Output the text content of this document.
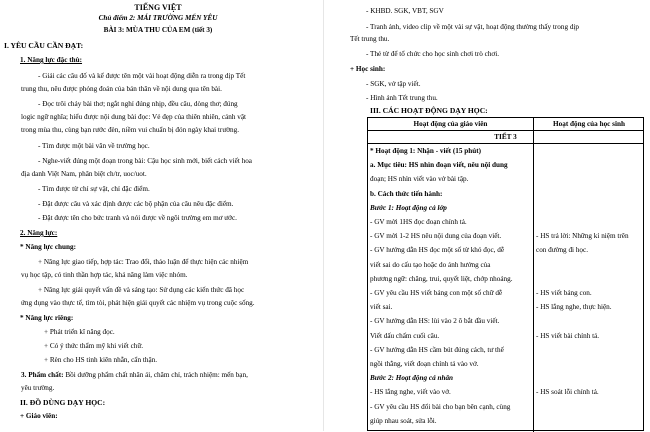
TIẾNG VIỆT
Chủ điểm 2: MÁI TRƯỜNG MẾN YÊU
BÀI 3: MÙA THU CỦA EM (tiết 3)
I. YÊU CẦU CẦN ĐẠT:
1. Năng lực đặc thù:
- Giải các câu đố và kể được tên một vài hoạt động diễn ra trong dịp Tết
trung thu, nêu được phỏng đoán của bản thân về nội dung qua tên bài.
- Đọc trôi chảy bài thơ; ngắt nghỉ đúng nhịp, đều câu, dòng thơ; đúng
logic ngữ nghĩa; hiểu được nội dung bài đọc: Vẻ đẹp của thiên nhiên, cảnh vật
trong mùa thu, cùng bạn rước đèn, niềm vui chuẩn bị đón ngày khai trường.
- Tìm được một bài văn về trường học.
- Nghe-viết đúng một đoạn trong bài: Cậu học sinh mới, biết cách viết hoa
địa danh Việt Nam, phân biệt ch/tr, uoc/uot.
- Tìm được từ chỉ sự vật, chỉ đặc điểm.
- Đặt được câu và xác định được các bộ phận của câu nêu đặc điểm.
- Đặt được tên cho bức tranh và nói được về ngôi trường em mơ ước.
2. Năng lực:
* Năng lực chung:
+ Năng lực giao tiếp, hợp tác: Trao đổi, thảo luận để thực hiện các nhiệm
vụ học tập, có tinh thần hợp tác, khả năng làm việc nhóm.
+ Năng lực giải quyết vấn đề và sáng tạo: Sử dụng các kiến thức đã học
ứng dụng vào thực tế, tìm tòi, phát hiện giải quyết các nhiệm vụ trong cuộc sống.
* Năng lực riêng:
+ Phát triển kĩ năng đọc.
+ Có ý thức thẩm mỹ khi viết chữ.
+ Rèn cho HS tinh kiên nhẫn, cẩn thận.
3. Phẩm chất: Bồi dưỡng phẩm chất nhân ái, chăm chỉ, trách nhiệm: mến bạn,
yêu trường.
II. ĐỒ DÙNG DẠY HỌC:
+ Giáo viên:
- KHBD. SGK, VBT, SGV
- Tranh ảnh, video clip về một vài sự vật, hoạt động thường thấy trong dịp
Tết trung thu.
- Thẻ từ để tổ chức cho học sinh chơi trò chơi.
+ Học sinh:
- SGK, vở tập viết.
- Hình ảnh Tết trung thu.
III. CÁC HOẠT ĐỘNG DẠY HỌC:
Hoạt động của giáo viên	Hoạt động của học sinh
TIẾT 3
* Hoạt động 1: Nhận - viết (15 phút)
a. Mục tiêu: HS nhìn đoạn viết, nêu nội dung
đoạn; HS nhìn viết vào vở bài tập.
b. Cách thức tiến hành:
Bước 1: Hoạt động cả lớp
- GV mời 1HS đọc đoạn chính tả.
- GV mời 1-2 HS nêu nội dung của đoạn viết.
- GV hướng dẫn HS đọc một số từ khó đọc, dễ
viết sai do cấu tạo hoặc do ảnh hưởng của
phương ngữ: chăng, trui, quyết liệt, chớp nhoáng.
- GV yêu cầu HS viết bảng con một số chữ dễ
viết sai.
- GV hướng dẫn HS: lùi vào 2 ô bắt đầu viết.
Viết dấu chấm cuối câu.
- GV hướng dẫn HS cầm bút đúng cách, tư thế
ngồi thẳng, viết đoạn chính tả vào vở.
Bước 2: Hoạt động cá nhân
- HS lắng nghe, viết vào vở.
- GV yêu cầu HS đổi bài cho bạn bên cạnh, cùng
giúp nhau soát, sửa lỗi.
- HS trả lời: Những kỉ niệm trên
con đường đi học.
- HS viết bảng con.
- HS lắng nghe, thực hiện.
- HS viết bài chính tả.
- HS soát lỗi chính tả.
